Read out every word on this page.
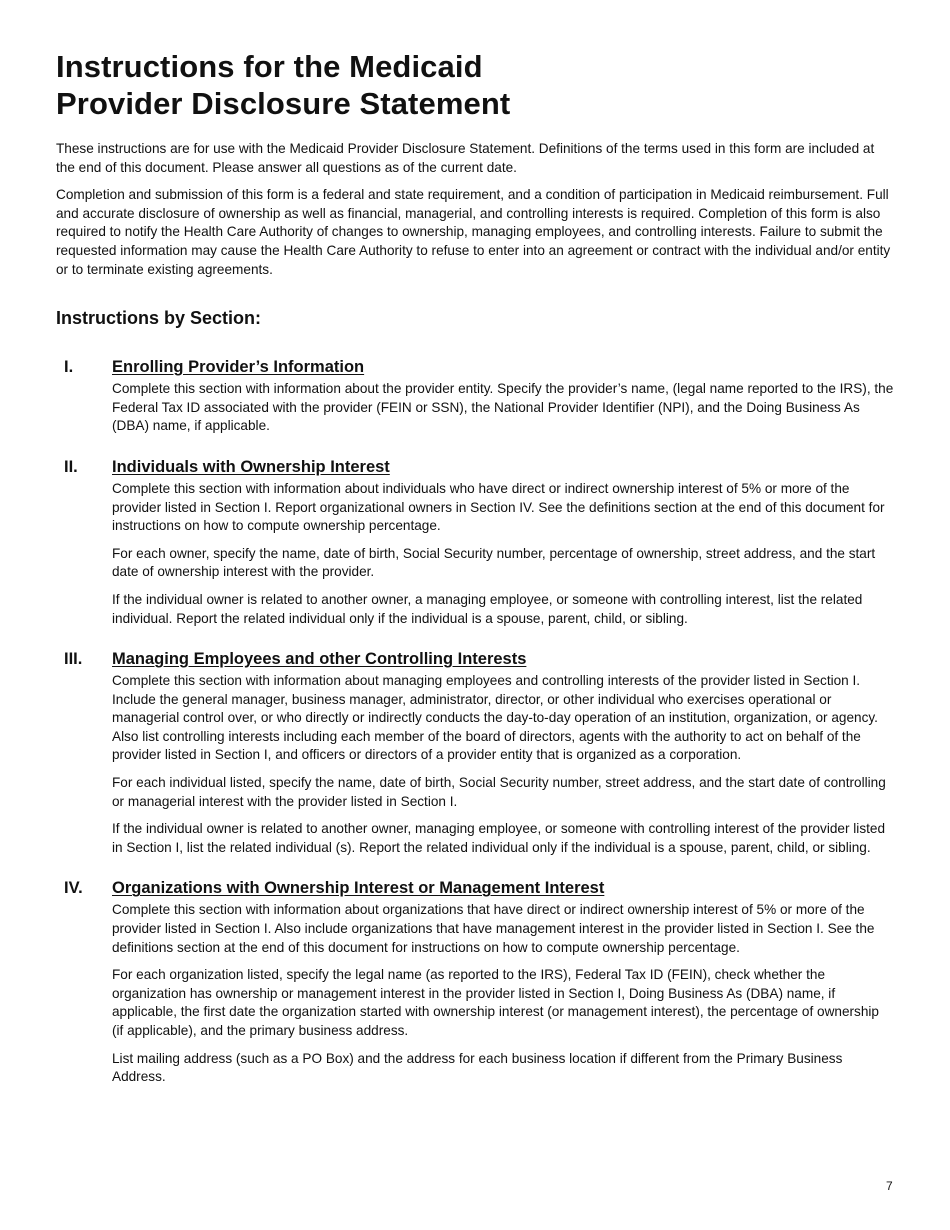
Instructions for the Medicaid
Provider Disclosure Statement

These instructions are for use with the Medicaid Provider Disclosure Statement. Definitions of the terms used in this form are included at the end of this document. Please answer all questions as of the current date.

Completion and submission of this form is a federal and state requirement, and a condition of participation in Medicaid reimbursement. Full and accurate disclosure of ownership as well as financial, managerial, and controlling interests is required. Completion of this form is also required to notify the Health Care Authority of changes to ownership, managing employees, and controlling interests. Failure to submit the requested information may cause the Health Care Authority to refuse to enter into an agreement or contract with the individual and/or entity or to terminate existing agreements.

Instructions by Section:
I.	Enrolling Provider’s Information

Complete this section with information about the provider entity. Specify the provider’s name, (legal name reported to the IRS), the Federal Tax ID associated with the provider (FEIN or SSN), the National Provider Identifier (NPI), and the Doing Business As (DBA) name, if applicable.

II.	Individuals with Ownership Interest

Complete this section with information about individuals who have direct or indirect ownership interest of 5% or more of the provider listed in Section I. Report organizational owners in Section IV. See the definitions section at the end of this document for instructions on how to compute ownership percentage.

For each owner, specify the name, date of birth, Social Security number, percentage of ownership, street address, and the start date of ownership interest with the provider.

If the individual owner is related to another owner, a managing employee, or someone with controlling interest, list the related individual. Report the related individual only if the individual is a spouse, parent, child, or sibling.

III.	Managing Employees and other Controlling Interests

Complete this section with information about managing employees and controlling interests of the provider listed in Section I. Include the general manager, business manager, administrator, director, or other individual who exercises operational or managerial control over, or who directly or indirectly conducts the day-to-day operation of an institution, organization, or agency. Also list controlling interests including each member of the board of directors, agents with the authority to act on behalf of the provider listed in Section I, and officers or directors of a provider entity that is organized as a corporation.

For each individual listed, specify the name, date of birth, Social Security number, street address, and the start date of controlling or managerial interest with the provider listed in Section I.

If the individual owner is related to another owner, managing employee, or someone with controlling interest of the provider listed in Section I, list the related individual (s). Report the related individual only if the individual is a spouse, parent, child, or sibling.

IV.	Organizations with Ownership Interest or Management Interest

Complete this section with information about organizations that have direct or indirect ownership interest of 5% or more of the provider listed in Section I. Also include organizations that have management interest in the provider listed in Section I. See the definitions section at the end of this document for instructions on how to compute ownership percentage.

For each organization listed, specify the legal name (as reported to the IRS), Federal Tax ID (FEIN), check whether the organization has ownership or management interest in the provider listed in Section I, Doing Business As (DBA) name, if applicable, the first date the organization started with ownership interest (or management interest), the percentage of ownership (if applicable), and the primary business address.

List mailing address (such as a PO Box) and the address for each business location if different from the Primary Business Address.

7
